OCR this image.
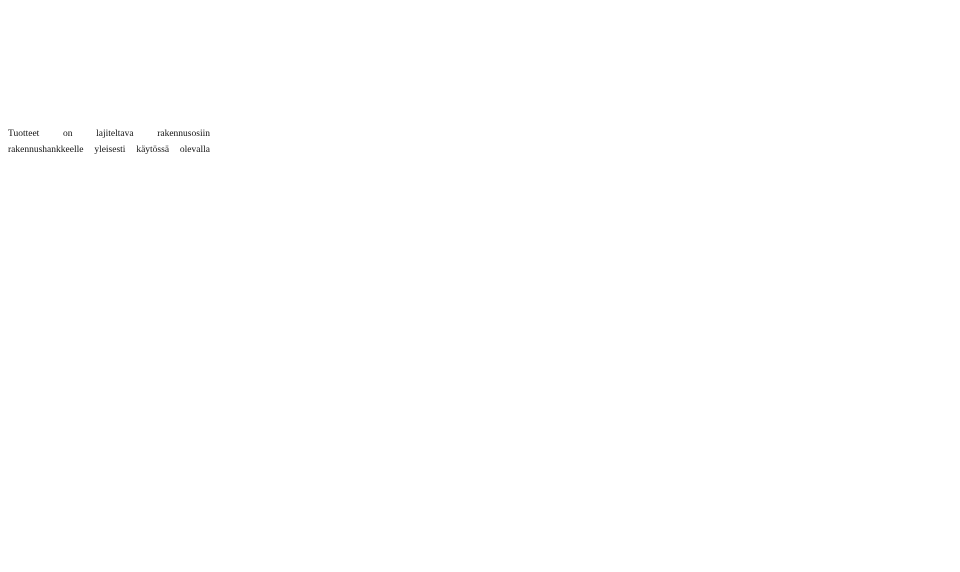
Tuotteet on lajiteltava rakennusosiin
rakennushankkeelle yleisesti käytössä olevalla
